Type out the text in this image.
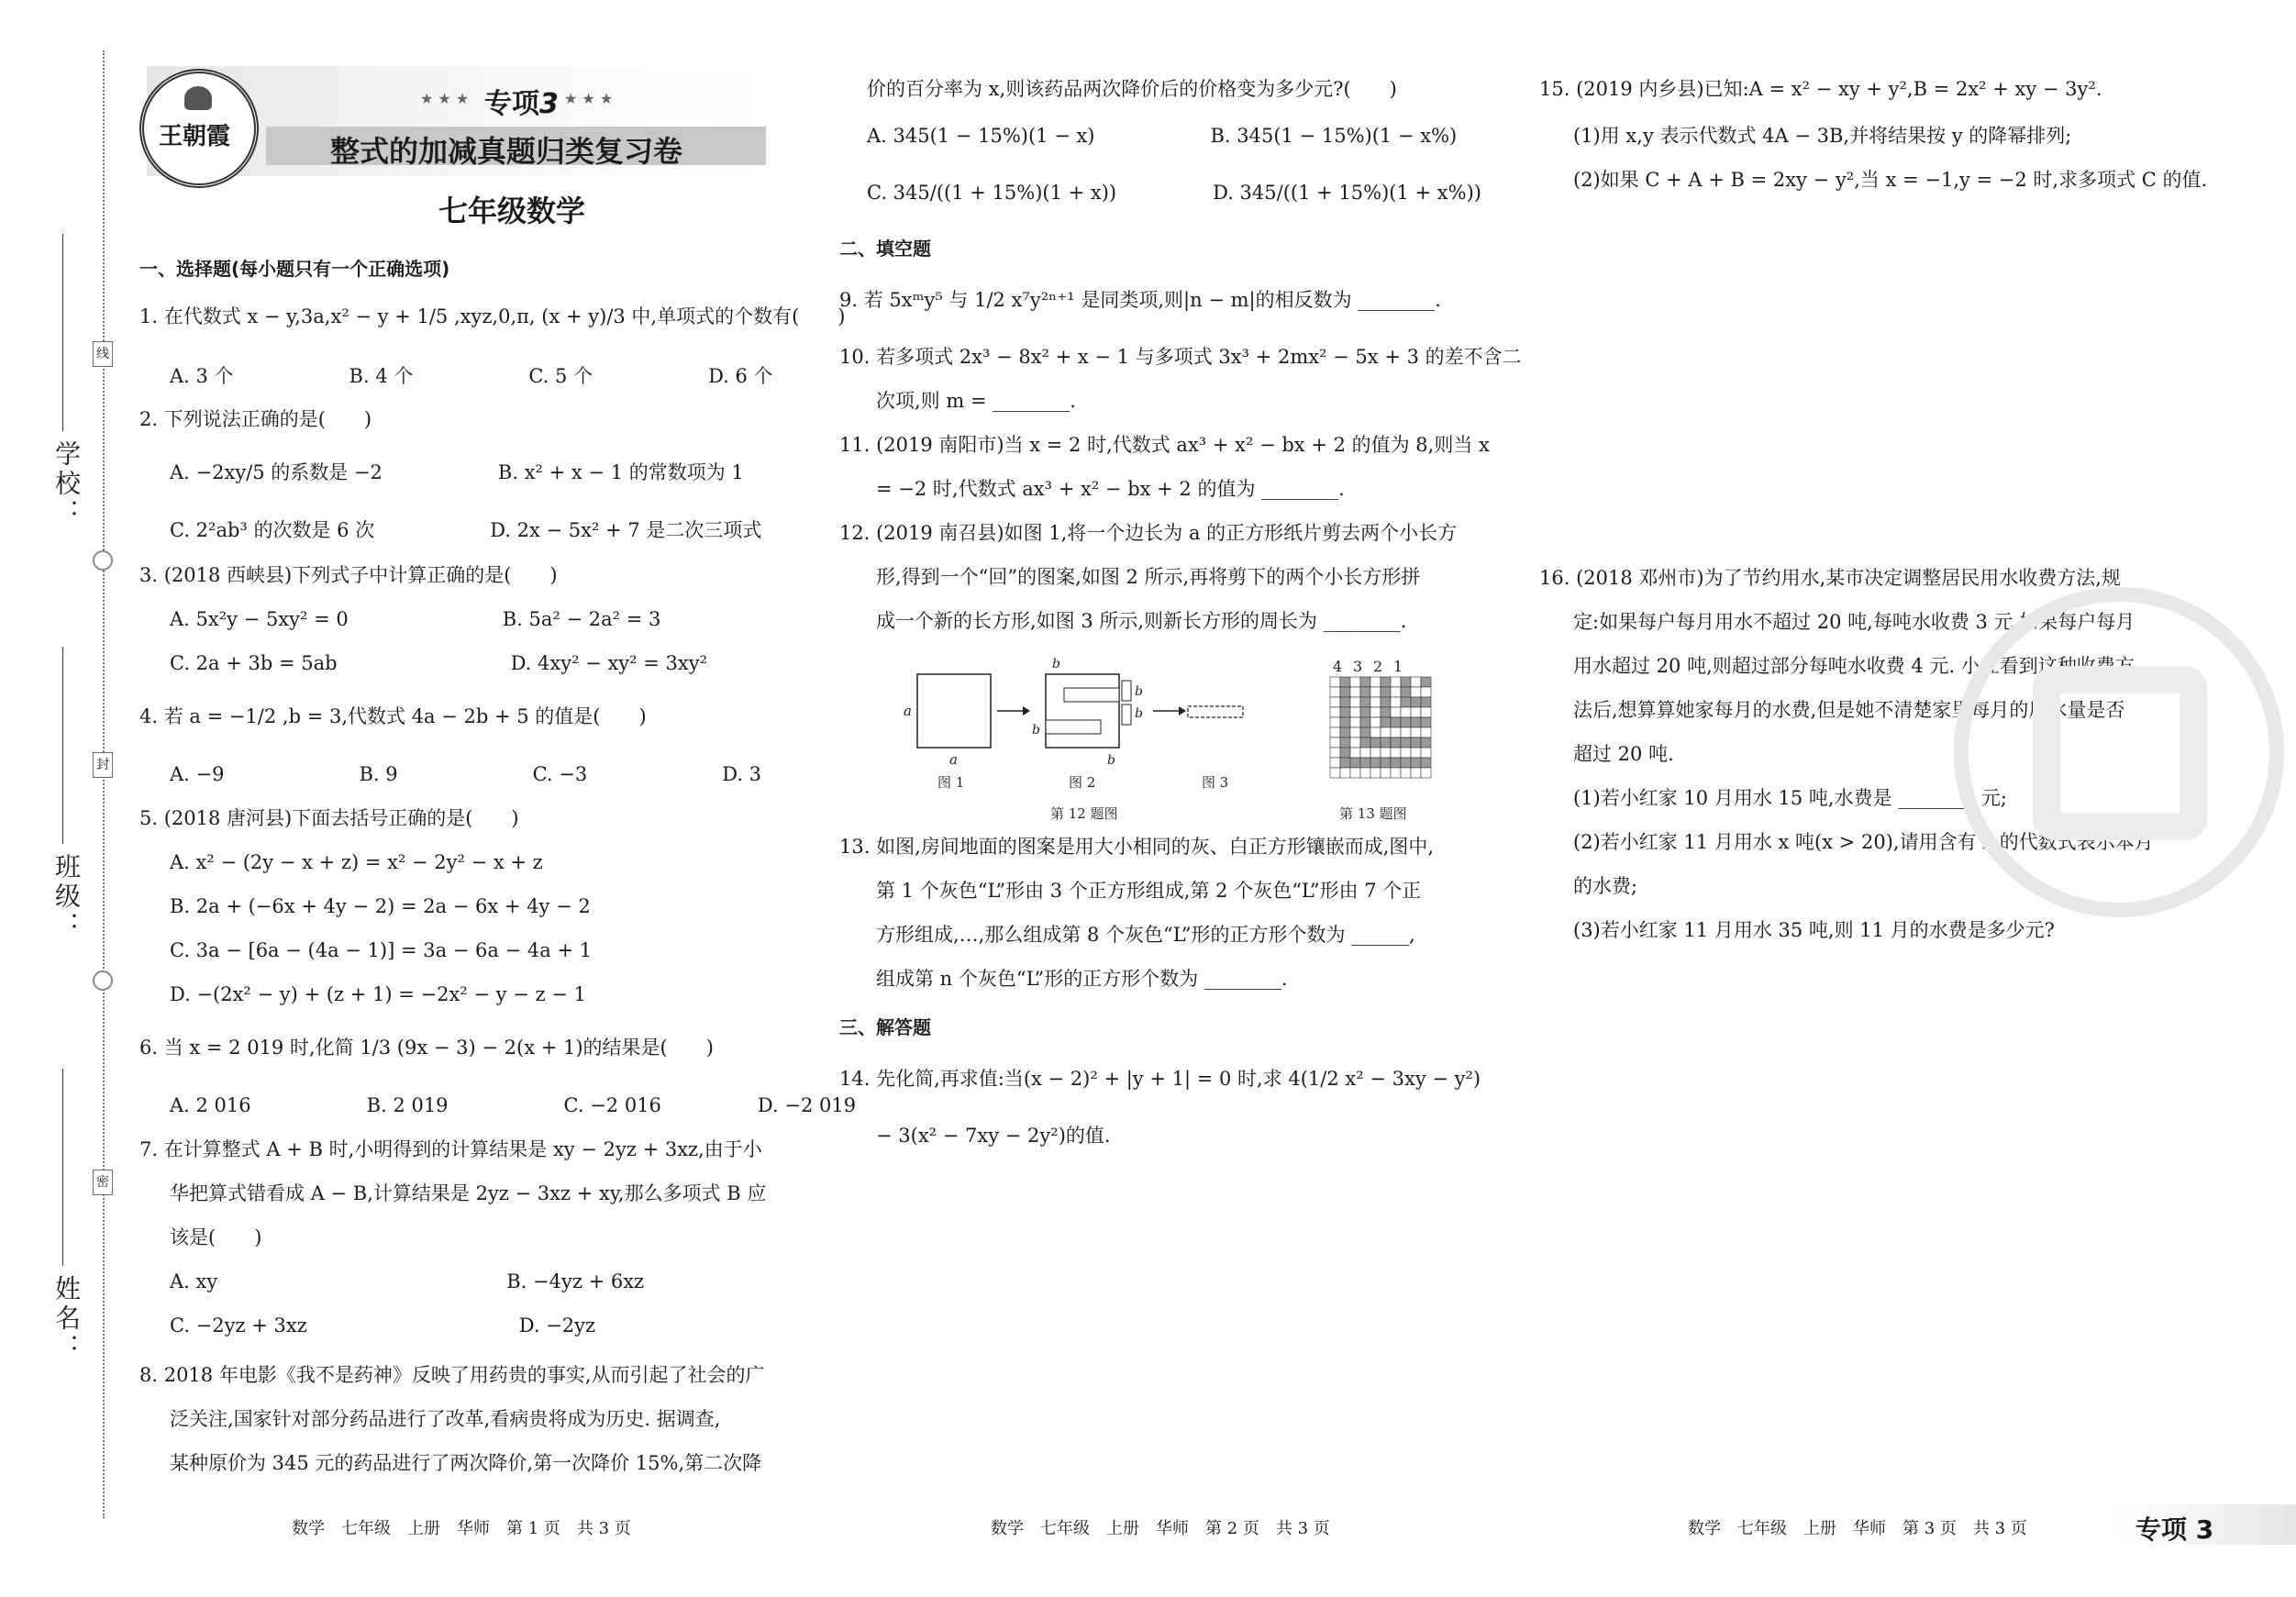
学校：
班级：
姓名：
线
封
密
王朝霞
★ ★ ★ 专项3 ★ ★ ★
整式的加减真题归类复习卷
七年级数学
一、选择题(每小题只有一个正确选项)
1. 在代数式 x − y,3a,x² − y + 1/5 ,xyz,0,π, (x + y)/3 中,单项式的个数有(　　)
A. 3 个　　　　　　B. 4 个　　　　　　C. 5 个　　　　　　D. 6 个
2. 下列说法正确的是(　　)
A. −2xy/5 的系数是 −2　　　　　　B. x² + x − 1 的常数项为 1
C. 2²ab³ 的次数是 6 次　　　　　　D. 2x − 5x² + 7 是二次三项式
3. (2018 西峡县)下列式子中计算正确的是(　　)
A. 5x²y − 5xy² = 0　　　　　　　　B. 5a² − 2a² = 3
C. 2a + 3b = 5ab　　　　　　　　　D. 4xy² − xy² = 3xy²
4. 若 a = −1/2 ,b = 3,代数式 4a − 2b + 5 的值是(　　)
A. −9　　　　　　　B. 9　　　　　　　C. −3　　　　　　　D. 3
5. (2018 唐河县)下面去括号正确的是(　　)
A. x² − (2y − x + z) = x² − 2y² − x + z
B. 2a + (−6x + 4y − 2) = 2a − 6x + 4y − 2
C. 3a − [6a − (4a − 1)] = 3a − 6a − 4a + 1
D. −(2x² − y) + (z + 1) = −2x² − y − z − 1
6. 当 x = 2 019 时,化简 1/3 (9x − 3) − 2(x + 1)的结果是(　　)
A. 2 016　　　　　　B. 2 019　　　　　　C. −2 016　　　　　D. −2 019
7. 在计算整式 A + B 时,小明得到的计算结果是 xy − 2yz + 3xz,由于小
华把算式错看成 A − B,计算结果是 2yz − 3xz + xy,那么多项式 B 应
该是(　　)
A. xy　　　　　　　　　　　　　　　B. −4yz + 6xz
C. −2yz + 3xz　　　　　　　　　　　D. −2yz
8. 2018 年电影《我不是药神》反映了用药贵的事实,从而引起了社会的广
泛关注,国家针对部分药品进行了改革,看病贵将成为历史. 据调查,
某种原价为 345 元的药品进行了两次降价,第一次降价 15%,第二次降
价的百分率为 x,则该药品两次降价后的价格变为多少元?(　　)
A. 345(1 − 15%)(1 − x)　　　　　　B. 345(1 − 15%)(1 − x%)
C. 345/((1 + 15%)(1 + x))　　　　　D. 345/((1 + 15%)(1 + x%))
二、填空题
9. 若 5xᵐy⁵ 与 1/2 x⁷y²ⁿ⁺¹ 是同类项,则|n − m|的相反数为 ________.
10. 若多项式 2x³ − 8x² + x − 1 与多项式 3x³ + 2mx² − 5x + 3 的差不含二
次项,则 m = ________.
11. (2019 南阳市)当 x = 2 时,代数式 ax³ + x² − bx + 2 的值为 8,则当 x
= −2 时,代数式 ax³ + x² − bx + 2 的值为 ________.
12. (2019 南召县)如图 1,将一个边长为 a 的正方形纸片剪去两个小长方
形,得到一个“回”的图案,如图 2 所示,再将剪下的两个小长方形拼
成一个新的长方形,如图 3 所示,则新长方形的周长为 ________.
a
a
图 1
b
b
b
b
b
图 2	图 3
第 12 题图
4 3 2 1
第 13 题图
13. 如图,房间地面的图案是用大小相同的灰、白正方形镶嵌而成,图中,
第 1 个灰色“L”形由 3 个正方形组成,第 2 个灰色“L”形由 7 个正
方形组成,…,那么组成第 8 个灰色“L”形的正方形个数为 ______,
组成第 n 个灰色“L”形的正方形个数为 ________.
三、解答题
14. 先化简,再求值:当(x − 2)² + |y + 1| = 0 时,求 4(1/2 x² − 3xy − y²)
− 3(x² − 7xy − 2y²)的值.
15. (2019 内乡县)已知:A = x² − xy + y²,B = 2x² + xy − 3y².
(1)用 x,y 表示代数式 4A − 3B,并将结果按 y 的降幂排列;
(2)如果 C + A + B = 2xy − y²,当 x = −1,y = −2 时,求多项式 C 的值.
16. (2018 邓州市)为了节约用水,某市决定调整居民用水收费方法,规
定:如果每户每月用水不超过 20 吨,每吨水收费 3 元,如果每户每月
用水超过 20 吨,则超过部分每吨水收费 4 元. 小红看到这种收费方
法后,想算算她家每月的水费,但是她不清楚家里每月的用水量是否
超过 20 吨.
(1)若小红家 10 月用水 15 吨,水费是 ________ 元;
(2)若小红家 11 月用水 x 吨(x > 20),请用含有 x 的代数式表示本月
的水费;
(3)若小红家 11 月用水 35 吨,则 11 月的水费是多少元?
数学　七年级　上册　华师　第 1 页　共 3 页	数学　七年级　上册　华师　第 2 页　共 3 页	数学　七年级　上册　华师　第 3 页　共 3 页	专项 3
